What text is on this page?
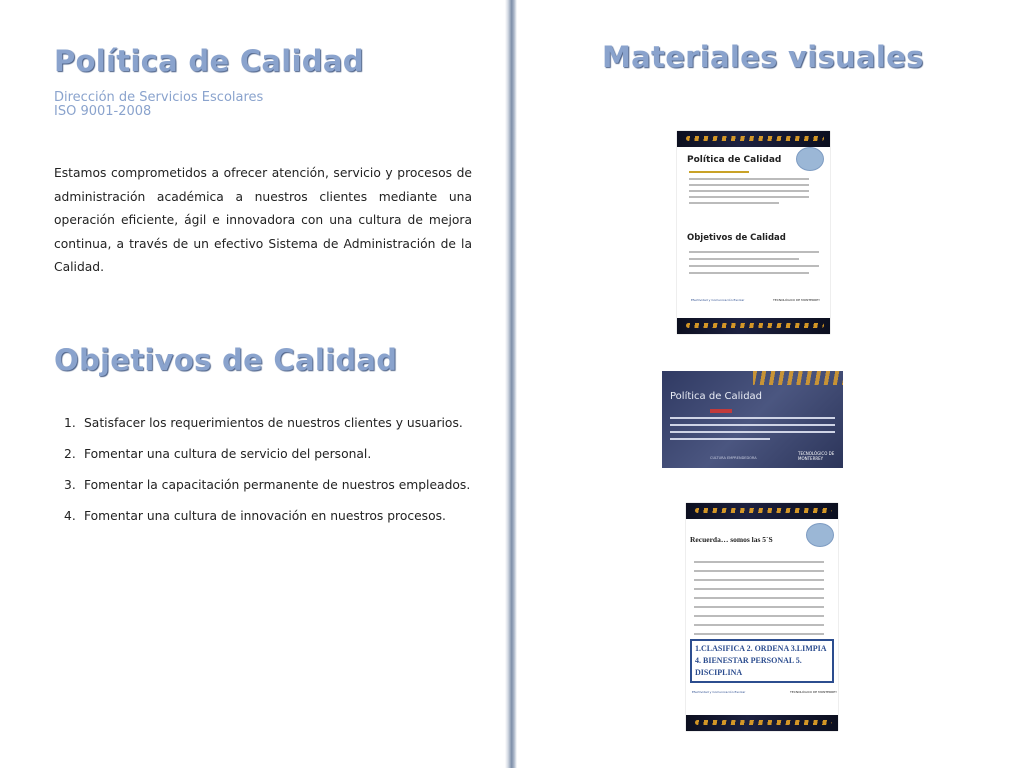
Política de Calidad
Dirección de Servicios Escolares
ISO 9001-2008

Estamos comprometidos a ofrecer atención, servicio y procesos de administración académica a nuestros clientes mediante una operación eficiente, ágil e innovadora con una cultura de mejora continua, a través de un efectivo Sistema de Administración de la Calidad.

Objetivos de Calidad
1. Satisfacer los requerimientos de nuestros clientes y usuarios.
2. Fomentar una cultura de servicio del personal.
3. Fomentar la capacitación permanente de nuestros empleados.
4. Fomentar una cultura de innovación en nuestros procesos.
Materiales visuales
Política de Calidad
Objetivos de Calidad
Efectividad y Comunicación Escolar	TECNOLÓGICO DE MONTERREY
Política de Calidad
CULTURA EMPRENDEDORA
TECNOLÓGICO DE MONTERREY
Recuerda… somos las 5´S
1.CLASIFICA 2. ORDENA 3.LIMPIA
4. BIENESTAR PERSONAL 5. DISCIPLINA
Efectividad y Comunicación Escolar	TECNOLÓGICO DE MONTERREY
